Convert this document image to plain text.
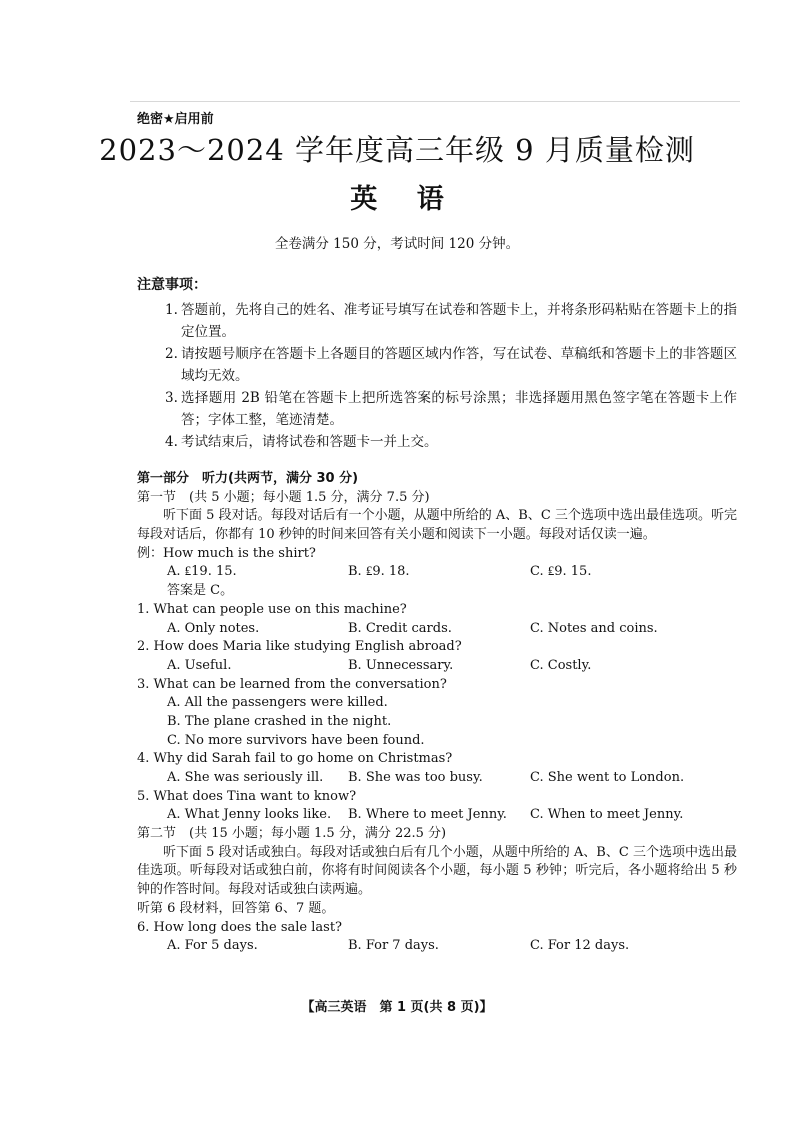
绝密★启用前
2023～2024 学年度高三年级 9 月质量检测
英 语
全卷满分 150 分，考试时间 120 分钟。
注意事项：
1. 答题前，先将自己的姓名、准考证号填写在试卷和答题卡上，并将条形码粘贴在答题卡上的指定位置。
2. 请按题号顺序在答题卡上各题目的答题区域内作答，写在试卷、草稿纸和答题卡上的非答题区域均无效。
3. 选择题用 2B 铅笔在答题卡上把所选答案的标号涂黑；非选择题用黑色签字笔在答题卡上作答；字体工整，笔迹清楚。
4. 考试结束后，请将试卷和答题卡一并上交。
第一部分　听力(共两节，满分 30 分)
第一节　(共 5 小题；每小题 1.5 分，满分 7.5 分)
听下面 5 段对话。每段对话后有一个小题，从题中所给的 A、B、C 三个选项中选出最佳选项。听完每段对话后，你都有 10 秒钟的时间来回答有关小题和阅读下一小题。每段对话仅读一遍。
例：How much is the shirt?
A. ₤19. 15.	B. ₤9. 18.	C. ₤9. 15.
答案是 C。
1. What can people use on this machine?
A. Only notes.	B. Credit cards.	C. Notes and coins.
2. How does Maria like studying English abroad?
A. Useful.	B. Unnecessary.	C. Costly.
3. What can be learned from the conversation?
A. All the passengers were killed.
B. The plane crashed in the night.
C. No more survivors have been found.
4. Why did Sarah fail to go home on Christmas?
A. She was seriously ill. B. She was too busy.	C. She went to London.
5. What does Tina want to know?
A. What Jenny looks like. B. Where to meet Jenny. C. When to meet Jenny.
第二节　(共 15 小题；每小题 1.5 分，满分 22.5 分)
听下面 5 段对话或独白。每段对话或独白后有几个小题，从题中所给的 A、B、C 三个选项中选出最佳选项。听每段对话或独白前，你将有时间阅读各个小题，每小题 5 秒钟；听完后，各小题将给出 5 秒钟的作答时间。每段对话或独白读两遍。
听第 6 段材料，回答第 6、7 题。
6. How long does the sale last?
A. For 5 days.	B. For 7 days.	C. For 12 days.
【高三英语　第 1 页(共 8 页)】
